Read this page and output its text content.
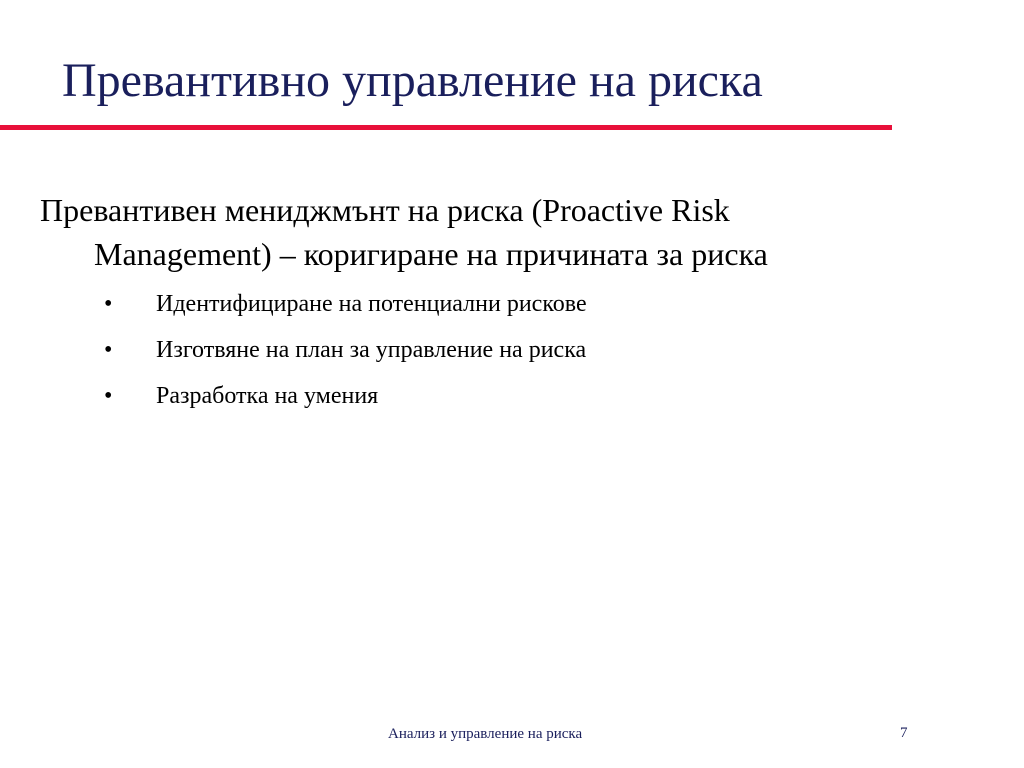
Превантивно управление на риска
Превантивен мениджмънт на риска (Proactive Risk
Management) – коригиране на причината за риска
• Идентифициране на потенциални рискове
• Изготвяне на план за управление на риска
• Разработка на умения
Анализ и управление на риска	7
